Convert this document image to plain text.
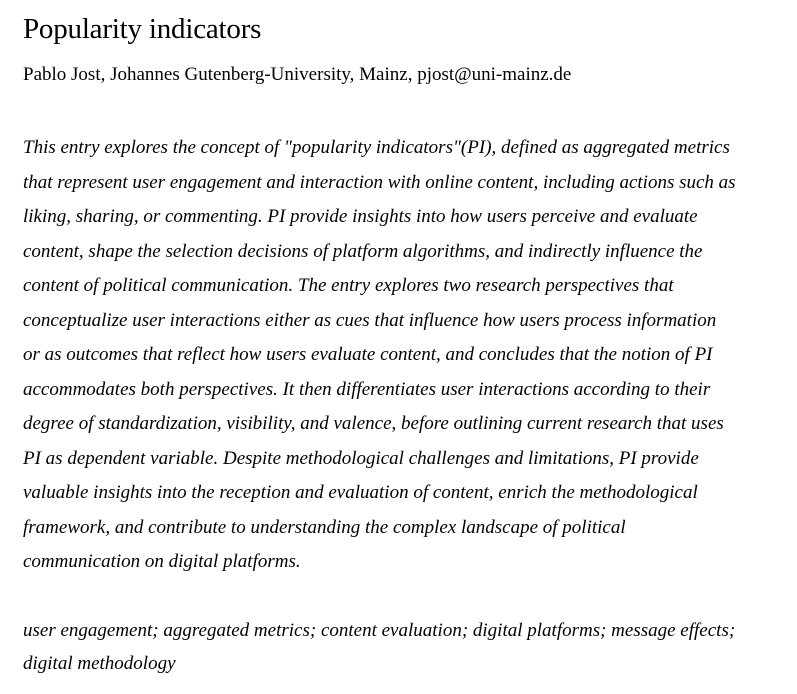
Popularity indicators
Pablo Jost, Johannes Gutenberg-University, Mainz, pjost@uni-mainz.de
This entry explores the concept of "popularity indicators"(PI), defined as aggregated metrics
that represent user engagement and interaction with online content, including actions such as
liking, sharing, or commenting. PI provide insights into how users perceive and evaluate
content, shape the selection decisions of platform algorithms, and indirectly influence the
content of political communication. The entry explores two research perspectives that
conceptualize user interactions either as cues that influence how users process information
or as outcomes that reflect how users evaluate content, and concludes that the notion of PI
accommodates both perspectives. It then differentiates user interactions according to their
degree of standardization, visibility, and valence, before outlining current research that uses
PI as dependent variable. Despite methodological challenges and limitations, PI provide
valuable insights into the reception and evaluation of content, enrich the methodological
framework, and contribute to understanding the complex landscape of political
communication on digital platforms.
user engagement; aggregated metrics; content evaluation; digital platforms; message effects;
digital methodology
